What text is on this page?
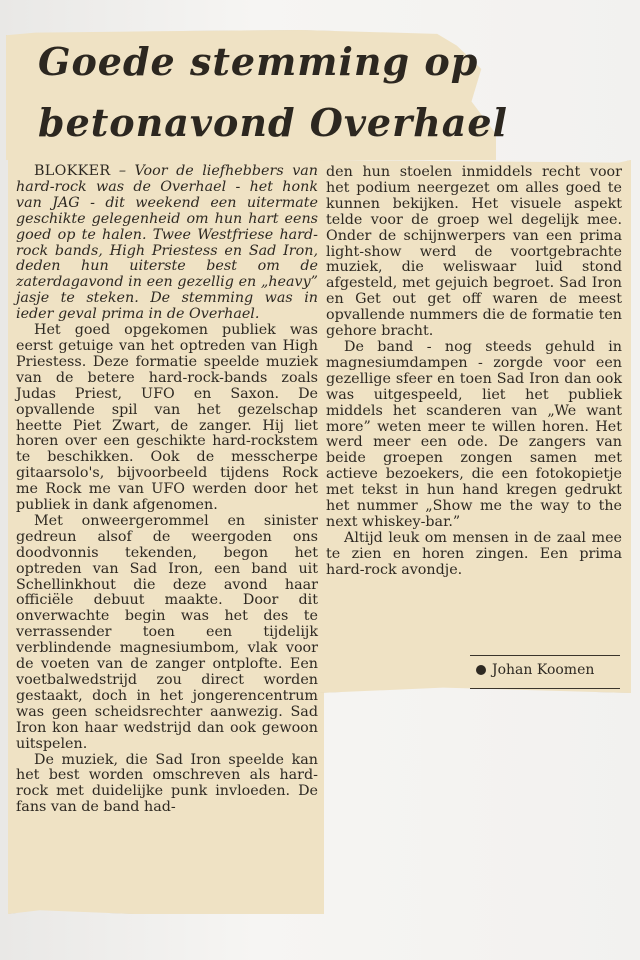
Goede stemming op
betonavond Overhael

BLOKKER – Voor de liefhebbers van hard-rock was de Overhael - het honk van JAG - dit weekend een uitermate geschikte gelegenheid om hun hart eens goed op te halen. Twee Westfriese hard-rock bands, High Priestess en Sad Iron, deden hun uiterste best om de zaterdagavond in een gezellig en „heavy” jasje te steken. De stemming was in ieder geval prima in de Overhael.

Het goed opgekomen publiek was eerst getuige van het optreden van High Priestess. Deze formatie speelde muziek van de betere hard-rock-bands zoals Judas Priest, UFO en Saxon. De opvallende spil van het gezelschap heette Piet Zwart, de zanger. Hij liet horen over een geschikte hard-rockstem te beschikken. Ook de messcherpe gitaarsolo's, bijvoorbeeld tijdens Rock me Rock me van UFO werden door het publiek in dank afgenomen.

Met onweergerommel en sinister gedreun alsof de weergoden ons doodvonnis tekenden, begon het optreden van Sad Iron, een band uit Schellinkhout die deze avond haar officiële debuut maakte. Door dit onverwachte begin was het des te verrassender toen een tijdelijk verblindende magnesiumbom, vlak voor de voeten van de zanger ontplofte. Een voetbalwedstrijd zou direct worden gestaakt, doch in het jongerencentrum was geen scheidsrechter aanwezig. Sad Iron kon haar wedstrijd dan ook gewoon uitspelen.

De muziek, die Sad Iron speelde kan het best worden omschreven als hard-rock met duidelijke punk invloeden. De fans van de band had-

den hun stoelen inmiddels recht voor het podium neergezet om alles goed te kunnen bekijken. Het visuele aspekt telde voor de groep wel degelijk mee. Onder de schijnwerpers van een prima light-show werd de voortgebrachte muziek, die weliswaar luid stond afgesteld, met gejuich begroet. Sad Iron en Get out get off waren de meest opvallende nummers die de formatie ten gehore bracht.

De band - nog steeds gehuld in magnesiumdampen - zorgde voor een gezellige sfeer en toen Sad Iron dan ook was uitgespeeld, liet het publiek middels het scanderen van „We want more” weten meer te willen horen. Het werd meer een ode. De zangers van beide groepen zongen samen met actieve bezoekers, die een fotokopietje met tekst in hun hand kregen gedrukt het nummer „Show me the way to the next whiskey-bar.”

Altijd leuk om mensen in de zaal mee te zien en horen zingen. Een prima hard-rock avondje.

Johan Koomen
